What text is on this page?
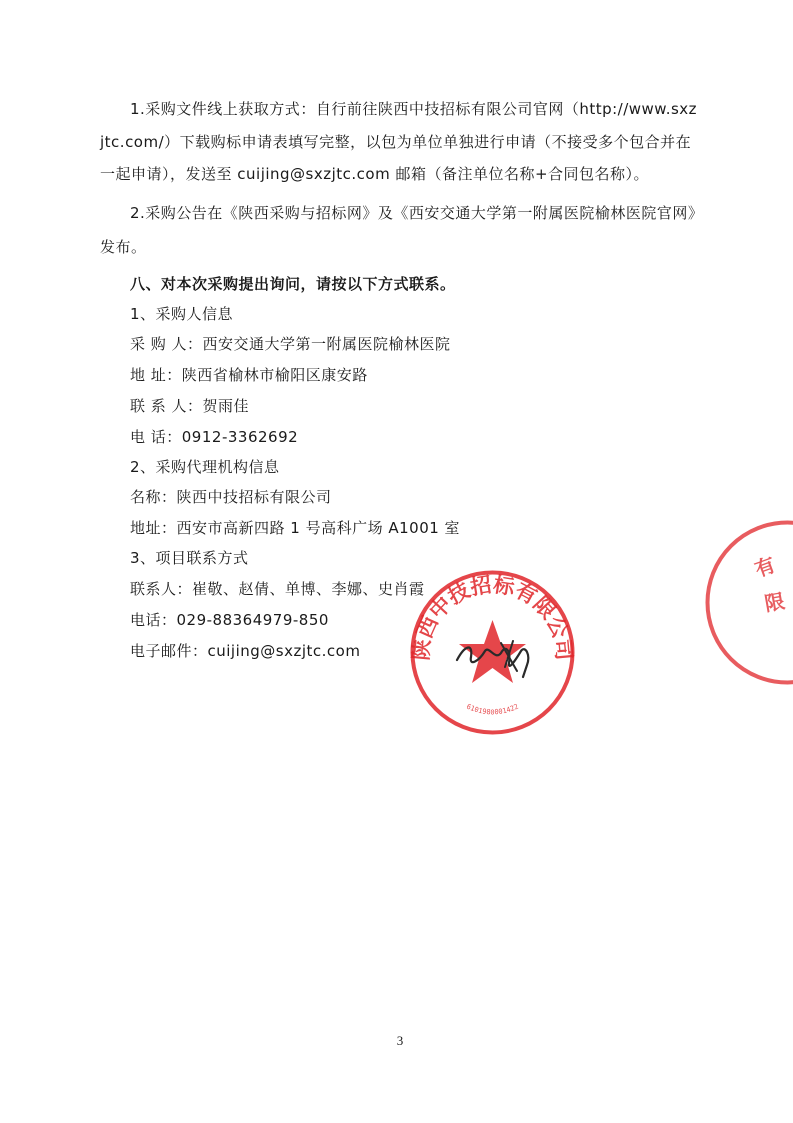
1.采购文件线上获取方式：自行前往陕西中技招标有限公司官网（http://www.sxz
jtc.com/）下载购标申请表填写完整，以包为单位单独进行申请（不接受多个包合并在
一起申请），发送至 cuijing@sxzjtc.com 邮箱（备注单位名称+合同包名称）。
2.采购公告在《陕西采购与招标网》及《西安交通大学第一附属医院榆林医院官网》
发布。
八、对本次采购提出询问，请按以下方式联系。
1、采购人信息
采 购 人：西安交通大学第一附属医院榆林医院
地 址：陕西省榆林市榆阳区康安路
联 系 人：贺雨佳
电 话：0912-3362692
2、采购代理机构信息
名称：陕西中技招标有限公司
地址：西安市高新四路 1 号高科广场 A1001 室
3、项目联系方式
联系人：崔敬、赵倩、单博、李娜、史肖霞
电话：029-88364979-850
电子邮件：cuijing@sxzjtc.com	陕西中技招标有限公司
6101980001422
有
限
3
